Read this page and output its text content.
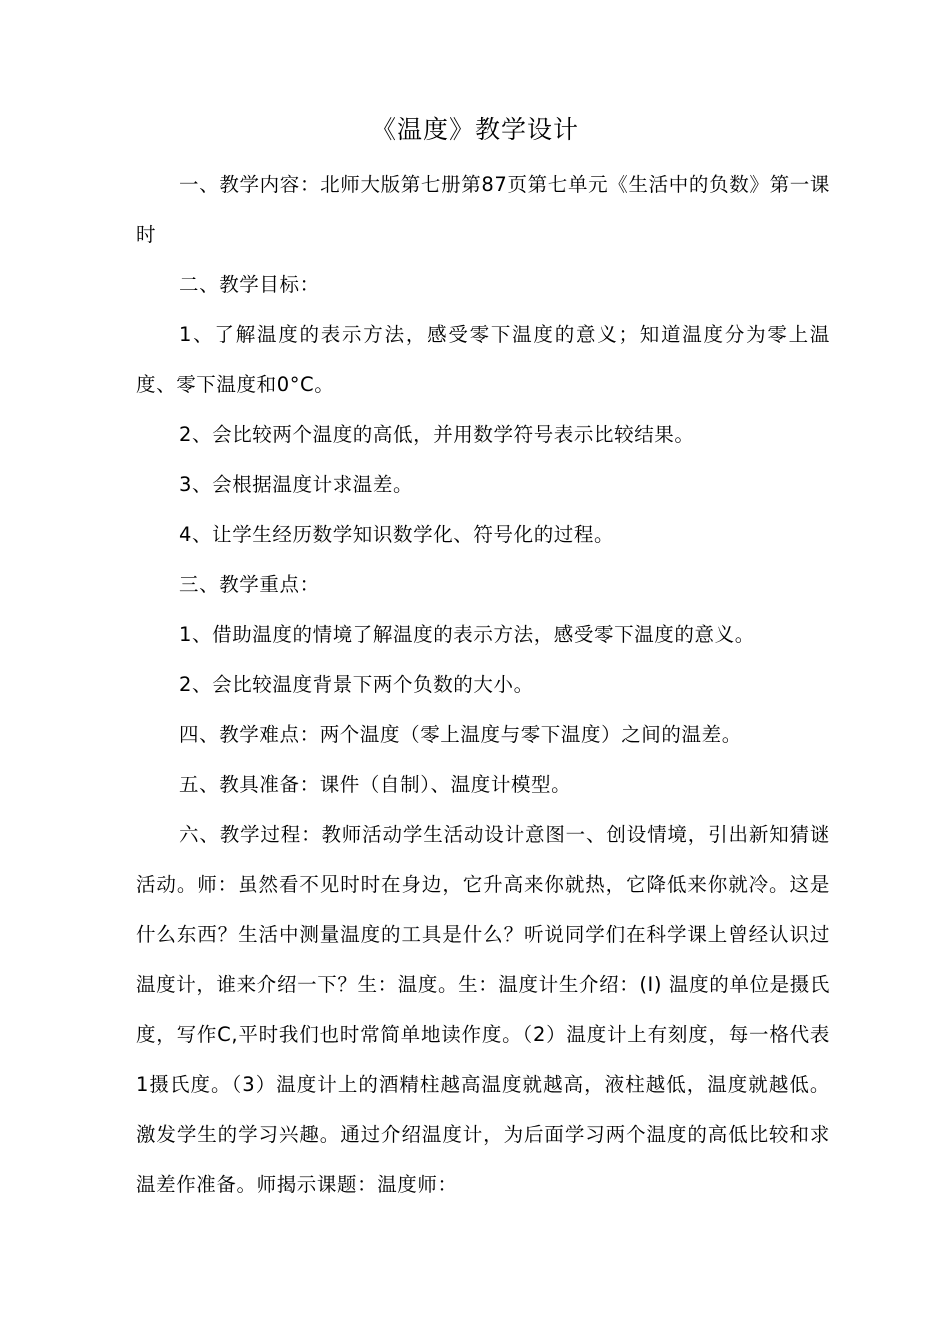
《温度》教学设计

一、教学内容：北师大版第七册第87页第七单元《生活中的负数》第一课时

二、教学目标：

1、了解温度的表示方法，感受零下温度的意义；知道温度分为零上温度、零下温度和0°C。

2、会比较两个温度的高低，并用数学符号表示比较结果。

3、会根据温度计求温差。

4、让学生经历数学知识数学化、符号化的过程。

三、教学重点：

1、借助温度的情境了解温度的表示方法，感受零下温度的意义。

2、会比较温度背景下两个负数的大小。

四、教学难点：两个温度（零上温度与零下温度）之间的温差。

五、教具准备：课件（自制）、温度计模型。

六、教学过程：教师活动学生活动设计意图一、创设情境，引出新知猜谜活动。师：虽然看不见时时在身边，它升高来你就热，它降低来你就冷。这是什么东西？生活中测量温度的工具是什么？听说同学们在科学课上曾经认识过温度计，谁来介绍一下？生：温度。生：温度计生介绍：(I) 温度的单位是摄氏度，写作C,平时我们也时常简单地读作度。（2）温度计上有刻度，每一格代表1摄氏度。（3）温度计上的酒精柱越高温度就越高，液柱越低，温度就越低。激发学生的学习兴趣。通过介绍温度计，为后面学习两个温度的高低比较和求温差作准备。师揭示课题：温度师：
